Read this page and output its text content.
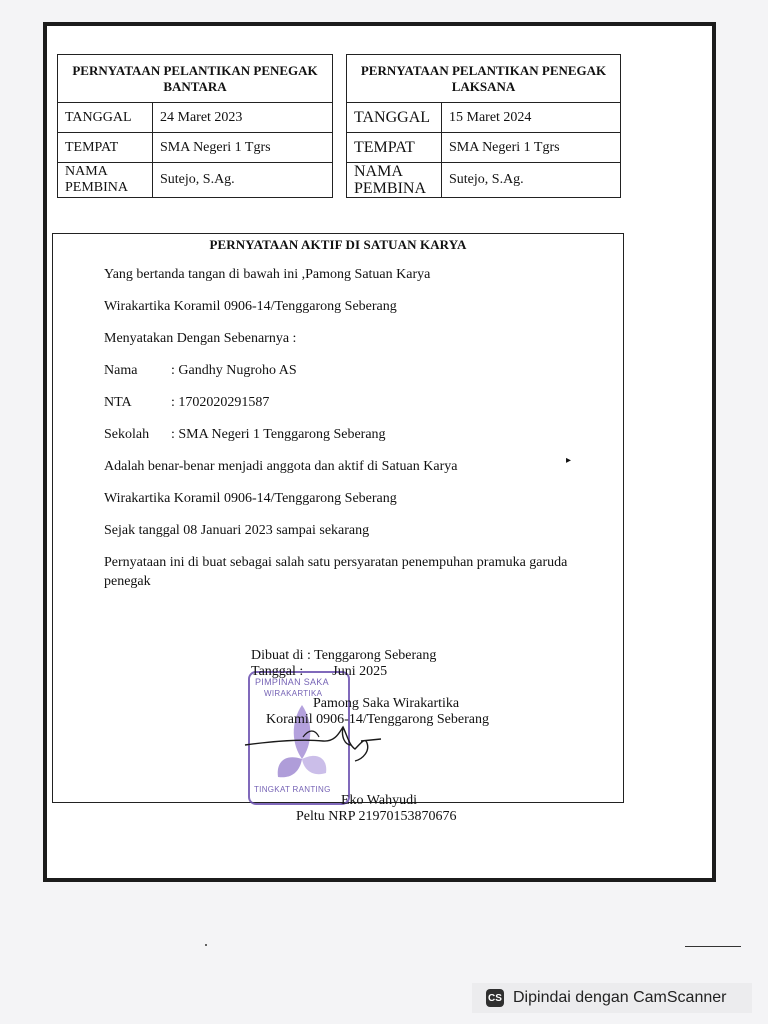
PERNYATAAN PELANTIKAN PENEGAK BANTARA	
TANGGAL	24 Maret 2023
TEMPAT	SMA Negeri 1 Tgrs
NAMA PEMBINA	Sutejo, S.Ag.
PERNYATAAN PELANTIKAN PENEGAK LAKSANA	
TANGGAL	15 Maret 2024
TEMPAT	SMA Negeri 1 Tgrs
NAMA PEMBINA	Sutejo, S.Ag.
PERNYATAAN AKTIF DI SATUAN KARYA
Yang bertanda tangan di bawah ini ,Pamong Satuan Karya
Wirakartika Koramil 0906-14/Tenggarong Seberang
Menyatakan Dengan Sebenarnya :
Nama : Gandhy Nugroho AS
NTA	: 1702020291587
Sekolah : SMA Negeri 1 Tenggarong Seberang
Adalah benar-benar menjadi anggota dan aktif di Satuan Karya
Wirakartika Koramil 0906-14/Tenggarong Seberang
Sejak tanggal 08 Januari 2023 sampai sekarang
Pernyataan ini di buat sebagai salah satu persyaratan penempuhan pramuka garuda
penegak
▸
PIMPINAN SAKA
WIRAKARTIKA
TINGKAT RANTING
Dibuat di : Tenggarong Seberang
Tanggal : Juni 2025
Pamong Saka Wirakartika
Koramil 0906-14/Tenggarong Seberang
Eko Wahyudi
Peltu NRP 21970153870676
CS Dipindai dengan CamScanner
